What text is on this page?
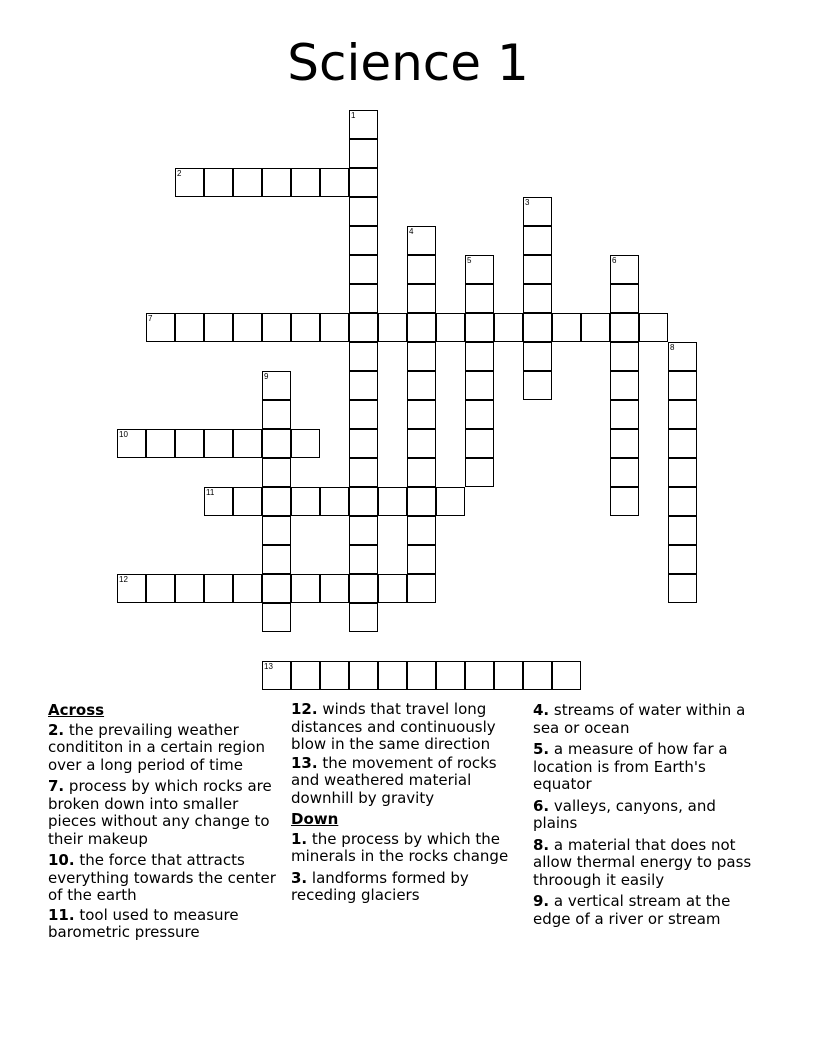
Science 1
1
2
3
4
5	6
7
8
9
10
11
12
13
Across
2. the prevailing weather condititon in a certain region over a long period of time
7. process by which rocks are broken down into smaller pieces without any change to their makeup
10. the force that attracts everything towards the center of the earth
11. tool used to measure barometric pressure
12. winds that travel long distances and continuously blow in the same direction
13. the movement of rocks and weathered material downhill by gravity
Down
1. the process by which the minerals in the rocks change
3. landforms formed by receding glaciers
4. streams of water within a sea or ocean
5. a measure of how far a location is from Earth's equator
6. valleys, canyons, and plains
8. a material that does not allow thermal energy to pass throough it easily
9. a vertical stream at the edge of a river or stream
